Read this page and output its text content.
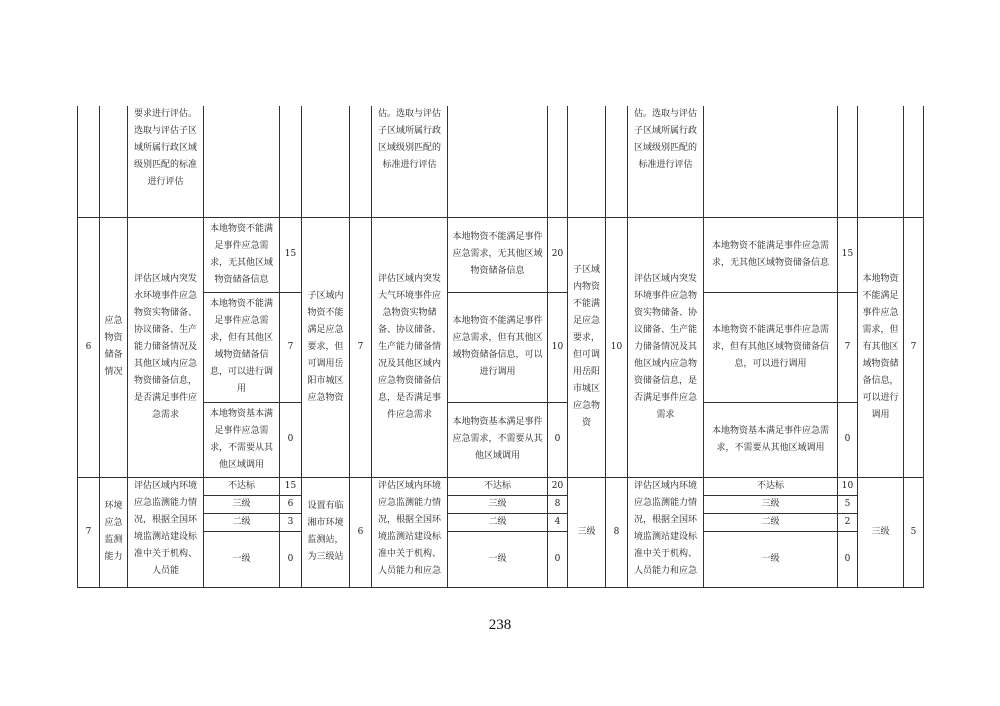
		要求进行评估。选取与评估子区域所属行政区域级别匹配的标准进行评估					估。选取与评估子区域所属行政区域级别匹配的标准进行评估					估。选取与评估子区域所属行政区域级别匹配的标准进行评估				
6	应急物资储备情况	评估区域内突发水环境事件应急物资实物储备、协议储备、生产能力储备情况及其他区域内应急物资储备信息，是否满足事件应急需求	本地物资不能满足事件应急需求，无其他区域物资储备信息	15	子区域内物资不能满足应急要求，但可调用岳阳市城区应急物资	7	评估区域内突发大气环境事件应急物资实物储备、协议储备、生产能力储备情况及其他区域内应急物资储备信息，是否满足事件应急需求	本地物资不能满足事件应急需求，无其他区域物资储备信息	20	子区域内物资不能满足应急要求，但可调用岳阳市城区应急物资	10	评估区域内突发环境事件应急物资实物储备、协议储备、生产能力储备情况及其他区域内应急物资储备信息，是否满足事件应急需求	本地物资不能满足事件应急需求，无其他区域物资储备信息	15	本地物资不能满足事件应急需求，但有其他区域物资储备信息，可以进行调用	7
			本地物资不能满足事件应急需求，但有其他区域物资储备信息，可以进行调用	7				本地物资不能满足事件应急需求，但有其他区域物资储备信息，可以进行调用	10				本地物资不能满足事件应急需求，但有其他区域物资储备信息，可以进行调用	7		
			本地物资基本满足事件应急需求，不需要从其他区域调用	0				本地物资基本满足事件应急需求，不需要从其他区域调用	0				本地物资基本满足事件应急需求，不需要从其他区域调用	0		
7	环境应急监测能力	评估区域内环境应急监测能力情况，根据全国环境监测站建设标准中关于机构、人员能	不达标	15	设置有临湘市环境监测站，为三级站	6	评估区域内环境应急监测能力情况，根据全国环境监测站建设标准中关于机构、人员能力和应急	不达标	20	三级	8	评估区域内环境应急监测能力情况，根据全国环境监测站建设标准中关于机构、人员能力和应急	不达标	10	三级	5
			三级	6				三级	8				三级	5		
			二级	3				二级	4				二级	2		
			一级	0				一级	0				一级	0		
238
